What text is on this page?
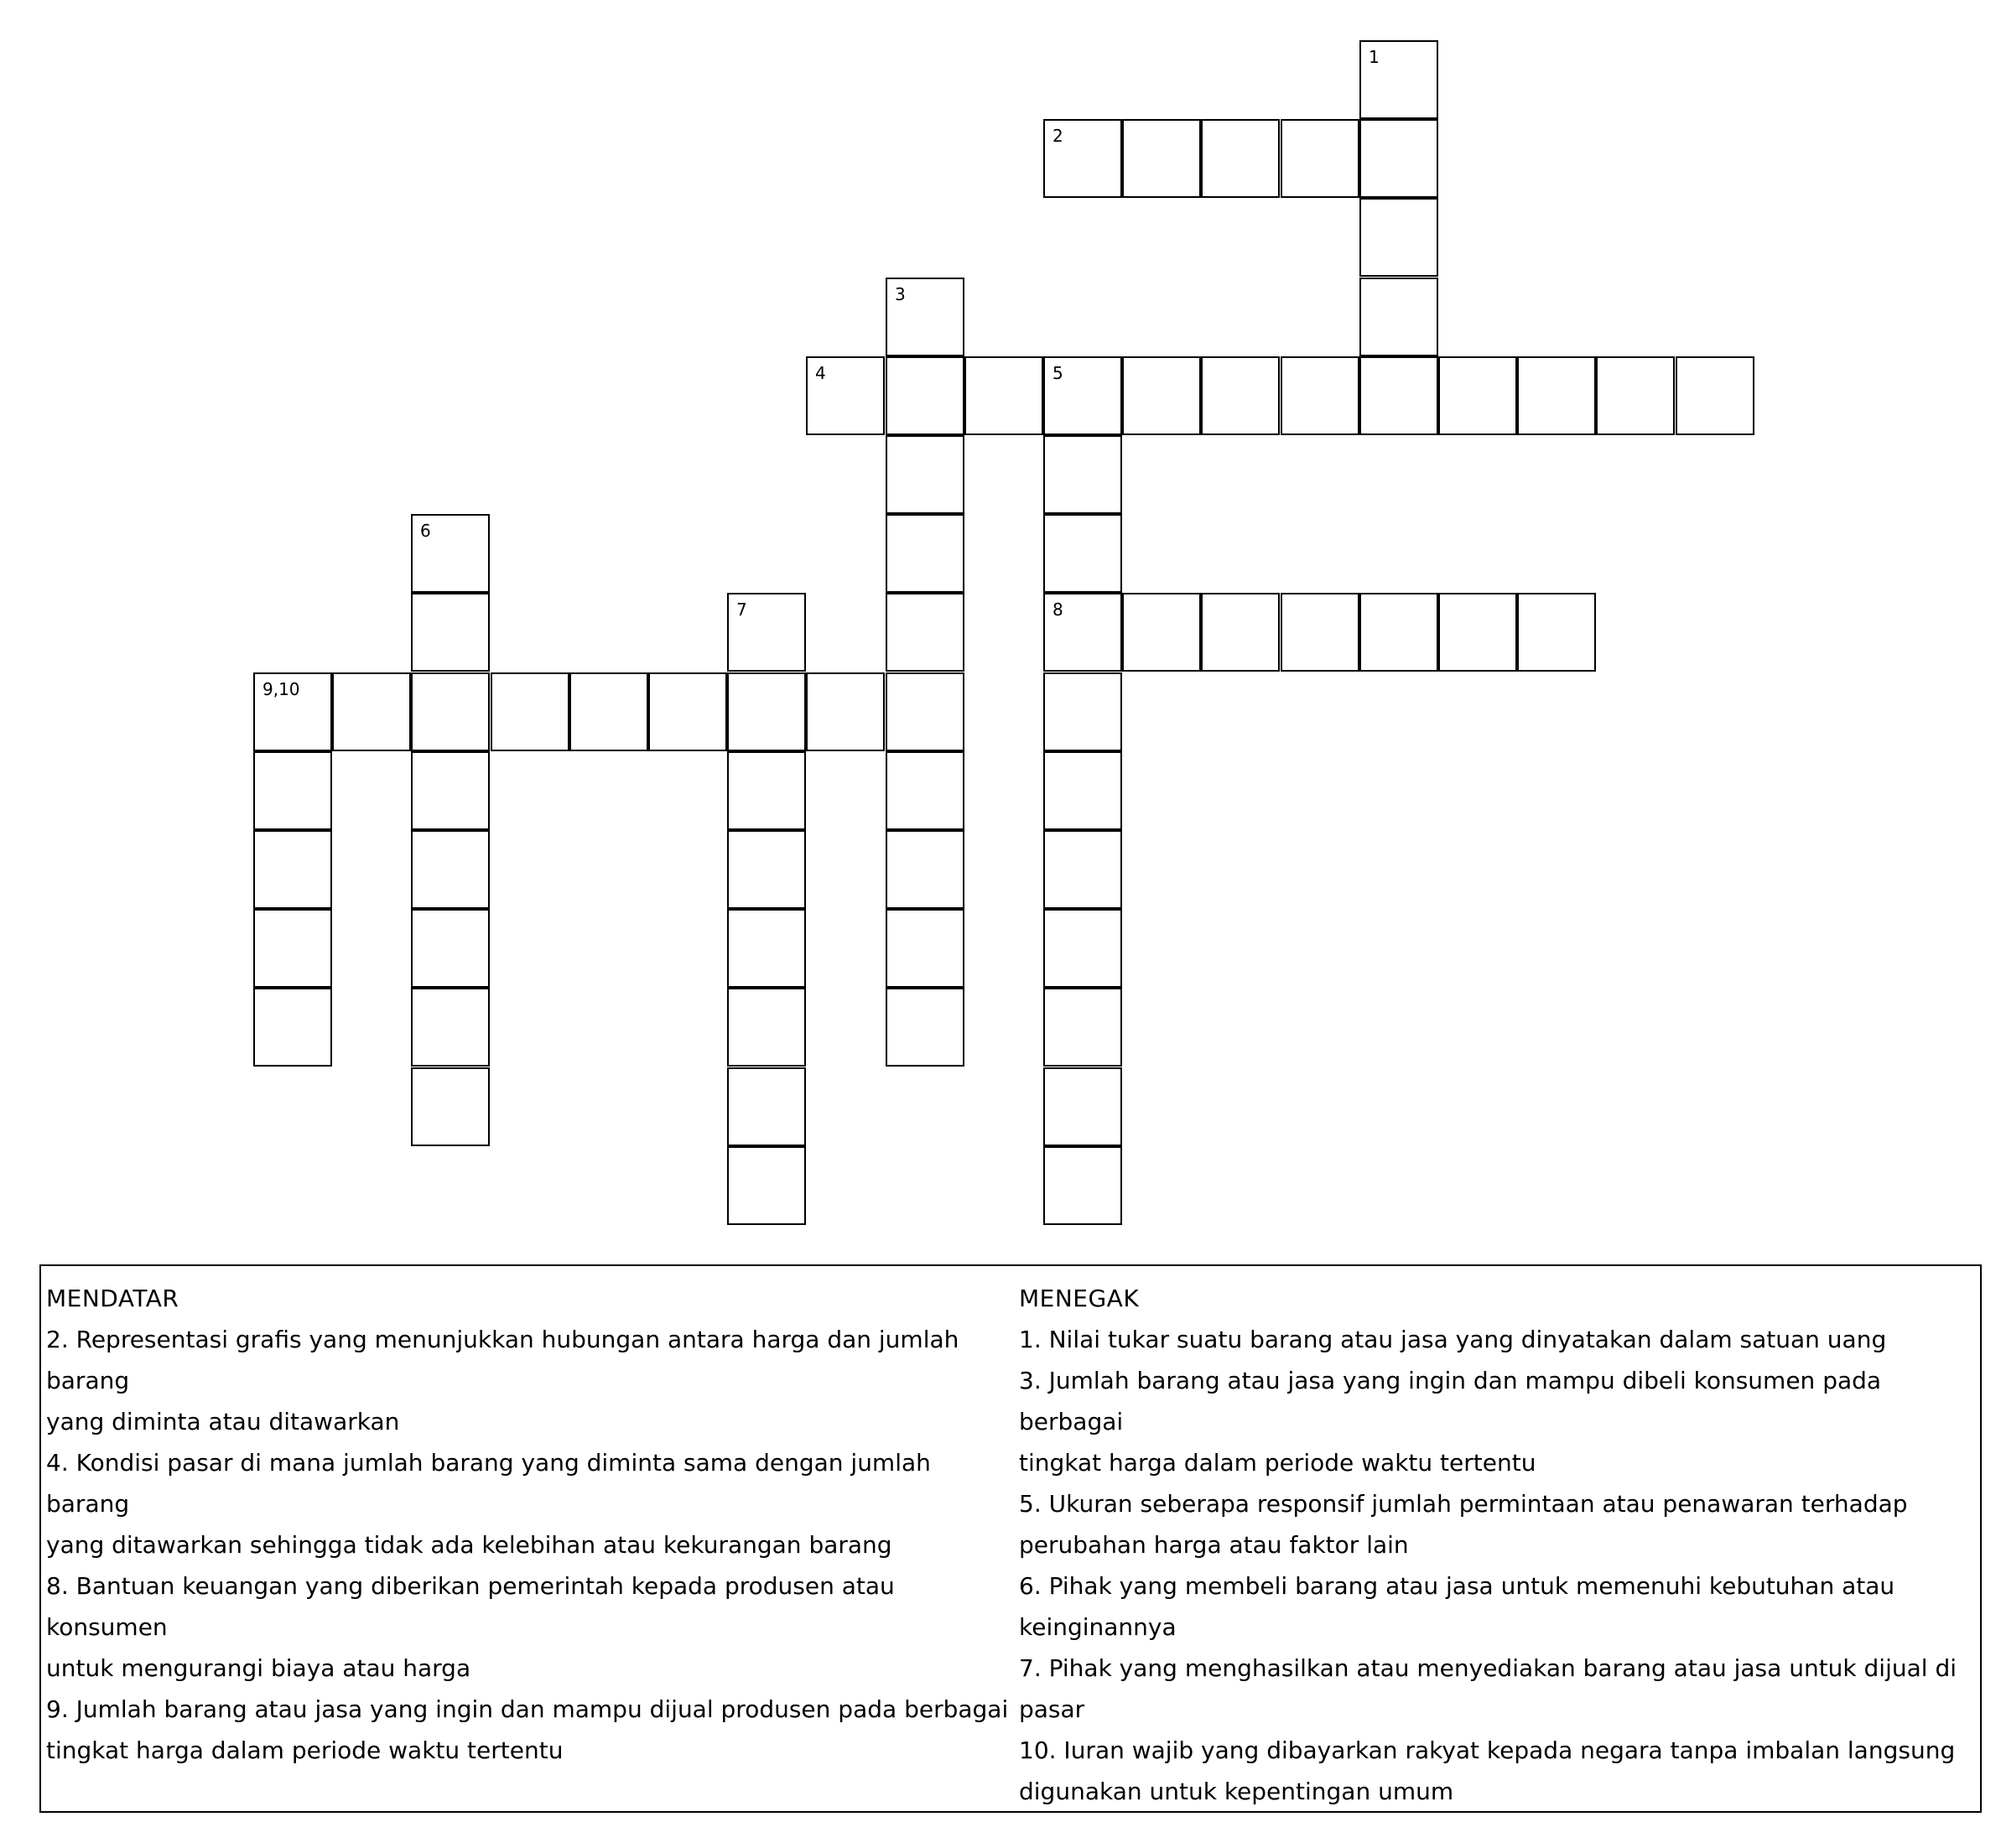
1
2
3
4	5
6
7	8
9,10

MENDATAR

2. Representasi grafis yang menunjukkan hubungan antara harga dan jumlah barang

yang diminta atau ditawarkan

4. Kondisi pasar di mana jumlah barang yang diminta sama dengan jumlah barang

yang ditawarkan sehingga tidak ada kelebihan atau kekurangan barang

8. Bantuan keuangan yang diberikan pemerintah kepada produsen atau konsumen

untuk mengurangi biaya atau harga

9. Jumlah barang atau jasa yang ingin dan mampu dijual produsen pada berbagai

tingkat harga dalam periode waktu tertentu

MENEGAK

1. Nilai tukar suatu barang atau jasa yang dinyatakan dalam satuan uang

3. Jumlah barang atau jasa yang ingin dan mampu dibeli konsumen pada berbagai

tingkat harga dalam periode waktu tertentu

5. Ukuran seberapa responsif jumlah permintaan atau penawaran terhadap

perubahan harga atau faktor lain

6. Pihak yang membeli barang atau jasa untuk memenuhi kebutuhan atau

keinginannya

7. Pihak yang menghasilkan atau menyediakan barang atau jasa untuk dijual di

pasar

10. Iuran wajib yang dibayarkan rakyat kepada negara tanpa imbalan langsung

digunakan untuk kepentingan umum
